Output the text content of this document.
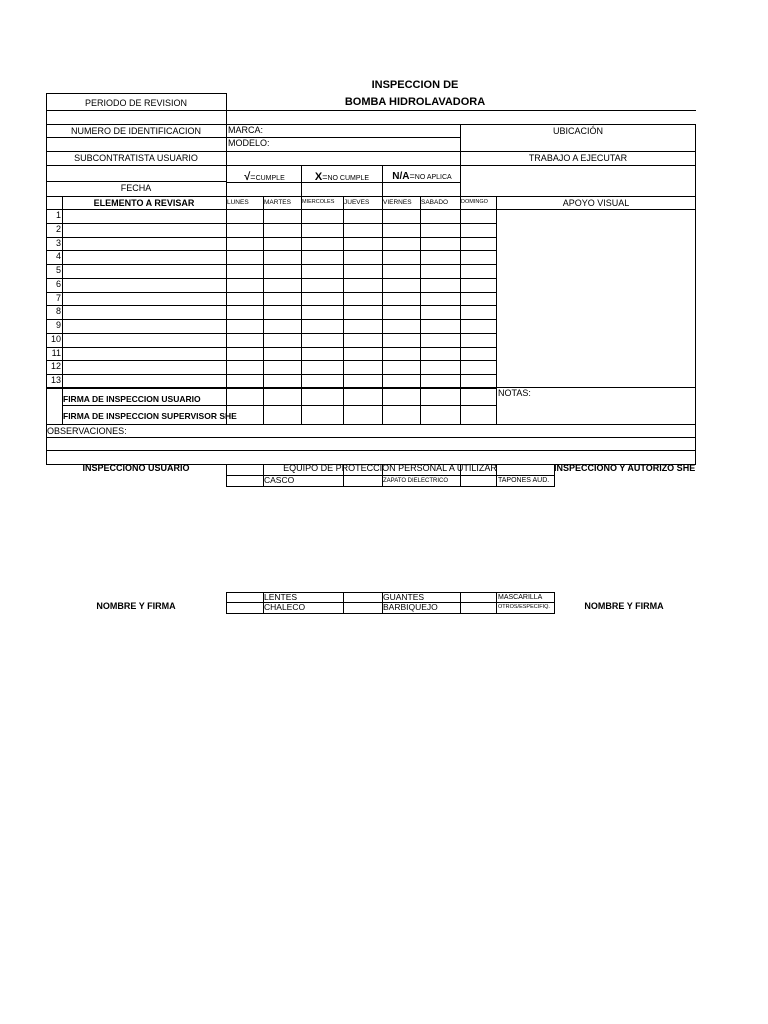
INSPECCION DE
BOMBA HIDROLAVADORA
PERIODO DE REVISION
NUMERO DE IDENTIFICACION	MARCA:
MODELO:
UBICACIÓN
SUBCONTRATISTA USUARIO	TRABAJO A EJECUTAR
FECHA
√=CUMPLE	X=NO CUMPLE	N/A=NO APLICA
ELEMENTO A REVISAR	APOYO VISUAL
LUNES MARTES MIERCOLES JUEVES VIERNES SABADO DOMINGO
1
2
3
4
5
6
7
8
9
10
11
12
13
FIRMA DE INSPECCION USUARIO
FIRMA DE INSPECCION SUPERVISOR SHE
NOTAS:
OBSERVACIONES:
INSPECCIONO USUARIO	EQUIPO DE PROTECCION PERSONAL A UTILIZAR	INSPECCIONO Y AUTORIZO SHE
CASCO	ZAPATO DIELECTRICO	TAPONES AUD.
LENTES	GUANTES	MASCARILLA
CHALECO	BARBIQUEJO	OTROS/ESPECIFIQ.
NOMBRE Y FIRMA	NOMBRE Y FIRMA
